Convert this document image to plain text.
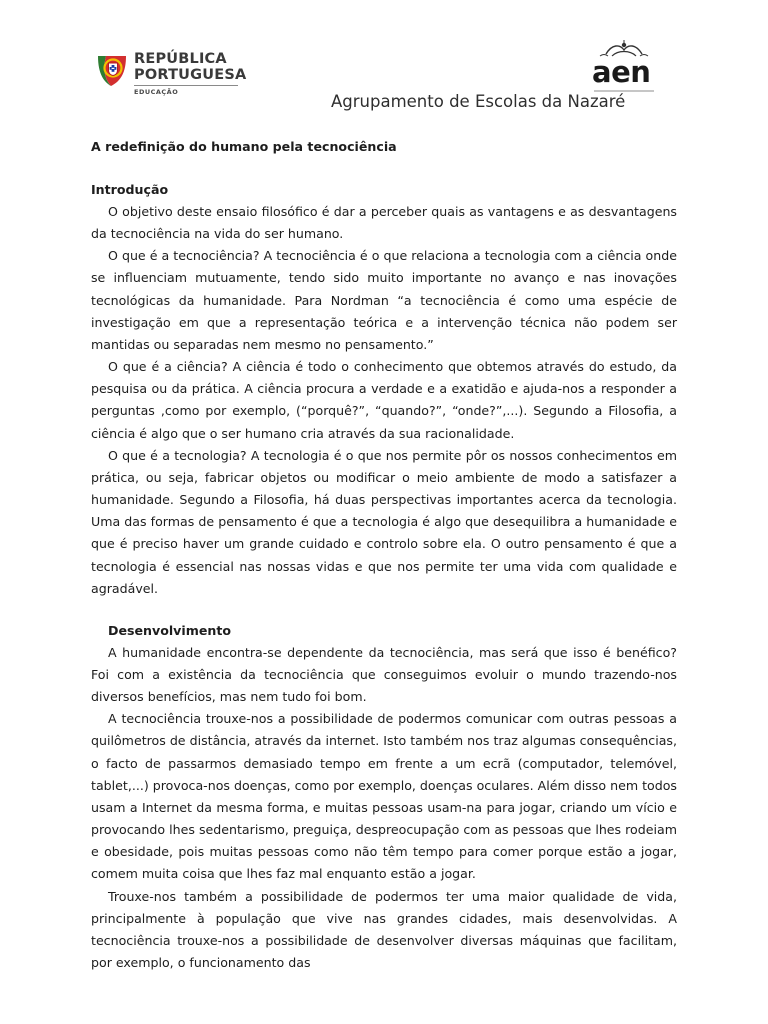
REPÚBLICA
PORTUGUESA
EDUCAÇÃO
aen
Agrupamento de Escolas da Nazaré
A redefinição do humano pela tecnociência
Introdução

O objetivo deste ensaio filosófico é dar a perceber quais as vantagens e as desvantagens da tecnociência na vida do ser humano.

O que é a tecnociência? A tecnociência é o que relaciona a tecnologia com a ciência onde se influenciam mutuamente, tendo sido muito importante no avanço e nas inovações tecnológicas da humanidade. Para Nordman “a tecnociência é como uma espécie de investigação em que a representação teórica e a intervenção técnica não podem ser mantidas ou separadas nem mesmo no pensamento.”

O que é a ciência? A ciência é todo o conhecimento que obtemos através do estudo, da pesquisa ou da prática. A ciência procura a verdade e a exatidão e ajuda-nos a responder a perguntas ,como por exemplo, (“porquê?”, “quando?”, “onde?”,...). Segundo a Filosofia, a ciência é algo que o ser humano cria através da sua racionalidade.

O que é a tecnologia? A tecnologia é o que nos permite pôr os nossos conhecimentos em prática, ou seja, fabricar objetos ou modificar o meio ambiente de modo a satisfazer a humanidade. Segundo a Filosofia, há duas perspectivas importantes acerca da tecnologia. Uma das formas de pensamento é que a tecnologia é algo que desequilibra a humanidade e que é preciso haver um grande cuidado e controlo sobre ela. O outro pensamento é que a tecnologia é essencial nas nossas vidas e que nos permite ter uma vida com qualidade e agradável.

Desenvolvimento

A humanidade encontra-se dependente da tecnociência, mas será que isso é benéfico? Foi com a existência da tecnociência que conseguimos evoluir o mundo trazendo-nos diversos benefícios, mas nem tudo foi bom.

A tecnociência trouxe-nos a possibilidade de podermos comunicar com outras pessoas a quilômetros de distância, através da internet. Isto também nos traz algumas consequências, o facto de passarmos demasiado tempo em frente a um ecrã (computador, telemóvel, tablet,...) provoca-nos doenças, como por exemplo, doenças oculares. Além disso nem todos usam a Internet da mesma forma, e muitas pessoas usam-na para jogar, criando um vício e provocando lhes sedentarismo, preguiça, despreocupação com as pessoas que lhes rodeiam e obesidade, pois muitas pessoas como não têm tempo para comer porque estão a jogar, comem muita coisa que lhes faz mal enquanto estão a jogar.

Trouxe-nos também a possibilidade de podermos ter uma maior qualidade de vida, principalmente à população que vive nas grandes cidades, mais desenvolvidas. A tecnociência trouxe-nos a possibilidade de desenvolver diversas máquinas que facilitam, por exemplo, o funcionamento das
